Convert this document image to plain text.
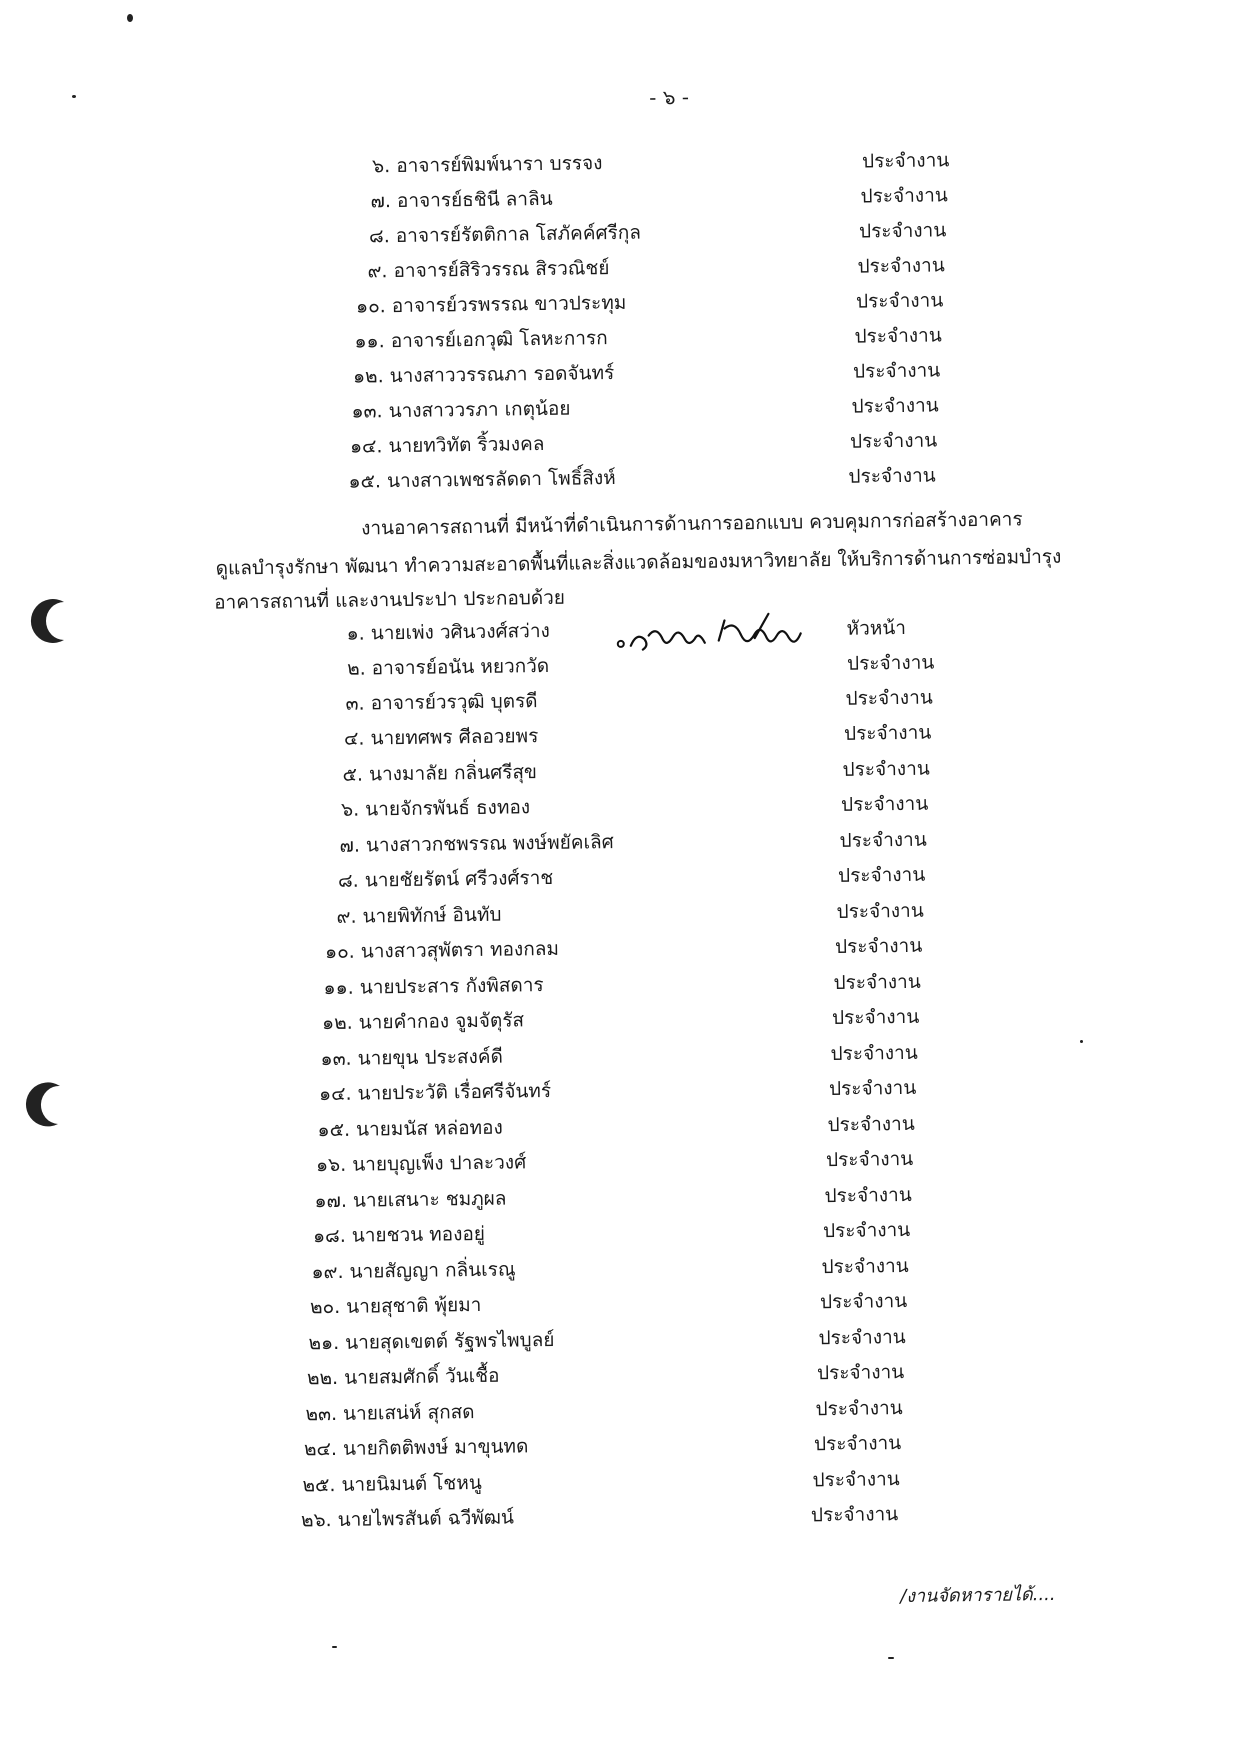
- ๖ -
๖. อาจารย์พิมพ์นารา บรรจง	ประจำงาน
๗. อาจารย์ธชินี ลาลิน	ประจำงาน
๘. อาจารย์รัตติกาล โสภัคค์ศรีกุล	ประจำงาน
๙. อาจารย์สิริวรรณ สิรวณิชย์	ประจำงาน
๑๐. อาจารย์วรพรรณ ขาวประทุม	ประจำงาน
๑๑. อาจารย์เอกวุฒิ โลหะการก	ประจำงาน
๑๒. นางสาววรรณภา รอดจันทร์	ประจำงาน
๑๓. นางสาววรภา เกตุน้อย	ประจำงาน
๑๔. นายทวิทัต ริ้วมงคล	ประจำงาน
๑๕. นางสาวเพชรลัดดา โพธิ์สิงห์	ประจำงาน
งานอาคารสถานที่ มีหน้าที่ดำเนินการด้านการออกแบบ ควบคุมการก่อสร้างอาคาร
ดูแลบำรุงรักษา พัฒนา ทำความสะอาดพื้นที่และสิ่งแวดล้อมของมหาวิทยาลัย ให้บริการด้านการซ่อมบำรุง
อาคารสถานที่ และงานประปา ประกอบด้วย
๑. นายเพ่ง วศินวงศ์สว่าง	หัวหน้า
อ.ไชยวัฒน์ ธรรมสาร
๒. อาจารย์อนัน หยวกวัด	ประจำงาน
๓. อาจารย์วรวุฒิ บุตรดี	ประจำงาน
๔. นายทศพร ศีลอวยพร	ประจำงาน
๕. นางมาลัย กลิ่นศรีสุข	ประจำงาน
๖. นายจักรพันธ์ ธงทอง	ประจำงาน
๗. นางสาวกชพรรณ พงษ์พยัคเลิศ	ประจำงาน
๘. นายชัยรัตน์ ศรีวงศ์ราช	ประจำงาน
๙. นายพิทักษ์ อินทับ	ประจำงาน
๑๐. นางสาวสุพัตรา ทองกลม	ประจำงาน
๑๑. นายประสาร กังพิสดาร	ประจำงาน
๑๒. นายคำกอง จูมจัตุรัส	ประจำงาน
๑๓. นายขุน ประสงค์ดี	ประจำงาน
๑๔. นายประวัติ เรื่อศรีจันทร์	ประจำงาน
๑๕. นายมนัส หล่อทอง	ประจำงาน
๑๖. นายบุญเพ็ง ปาละวงศ์	ประจำงาน
๑๗. นายเสนาะ ชมภูผล	ประจำงาน
๑๘. นายชวน ทองอยู่	ประจำงาน
๑๙. นายสัญญา กลิ่นเรณู	ประจำงาน
๒๐. นายสุชาติ พุ้ยมา	ประจำงาน
๒๑. นายสุดเขตต์ รัฐพรไพบูลย์	ประจำงาน
๒๒. นายสมศักดิ์ วันเชื้อ	ประจำงาน
๒๓. นายเสน่ห์ สุกสด	ประจำงาน
๒๔. นายกิตติพงษ์ มาขุนทด	ประจำงาน
๒๕. นายนิมนต์ โชหนู	ประจำงาน
๒๖. นายไพรสันต์ ฉวีพัฒน์	ประจำงาน
/งานจัดหารายได้....
